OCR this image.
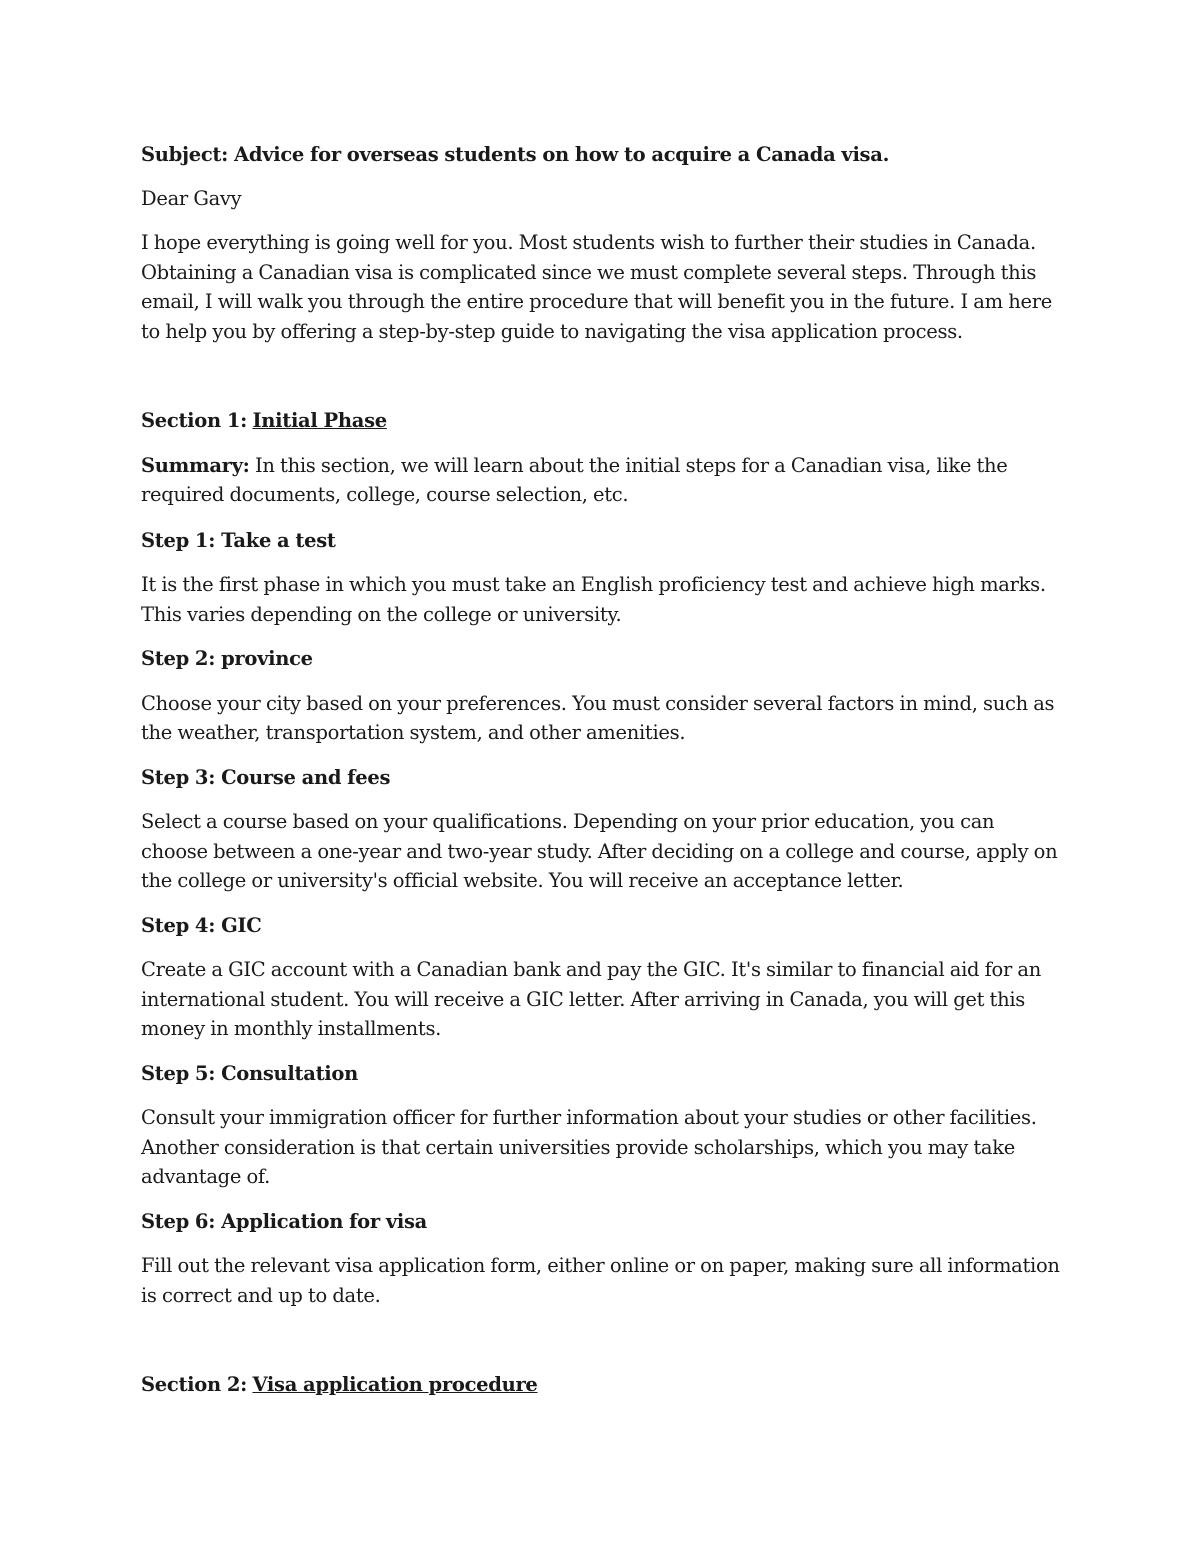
Subject: Advice for overseas students on how to acquire a Canada visa.

Dear Gavy

I hope everything is going well for you. Most students wish to further their studies in Canada. Obtaining a Canadian visa is complicated since we must complete several steps. Through this email, I will walk you through the entire procedure that will benefit you in the future. I am here to help you by offering a step-by-step guide to navigating the visa application process.

Section 1: Initial Phase

Summary: In this section, we will learn about the initial steps for a Canadian visa, like the required documents, college, course selection, etc.

Step 1: Take a test

It is the first phase in which you must take an English proficiency test and achieve high marks. This varies depending on the college or university.

Step 2: province

Choose your city based on your preferences. You must consider several factors in mind, such as the weather, transportation system, and other amenities.

Step 3: Course and fees

Select a course based on your qualifications. Depending on your prior education, you can choose between a one-year and two-year study. After deciding on a college and course, apply on the college or university's official website. You will receive an acceptance letter.

Step 4: GIC

Create a GIC account with a Canadian bank and pay the GIC. It's similar to financial aid for an international student. You will receive a GIC letter. After arriving in Canada, you will get this money in monthly installments.

Step 5: Consultation

Consult your immigration officer for further information about your studies or other facilities. Another consideration is that certain universities provide scholarships, which you may take advantage of.

Step 6: Application for visa

Fill out the relevant visa application form, either online or on paper, making sure all information is correct and up to date.

Section 2: Visa application procedure
